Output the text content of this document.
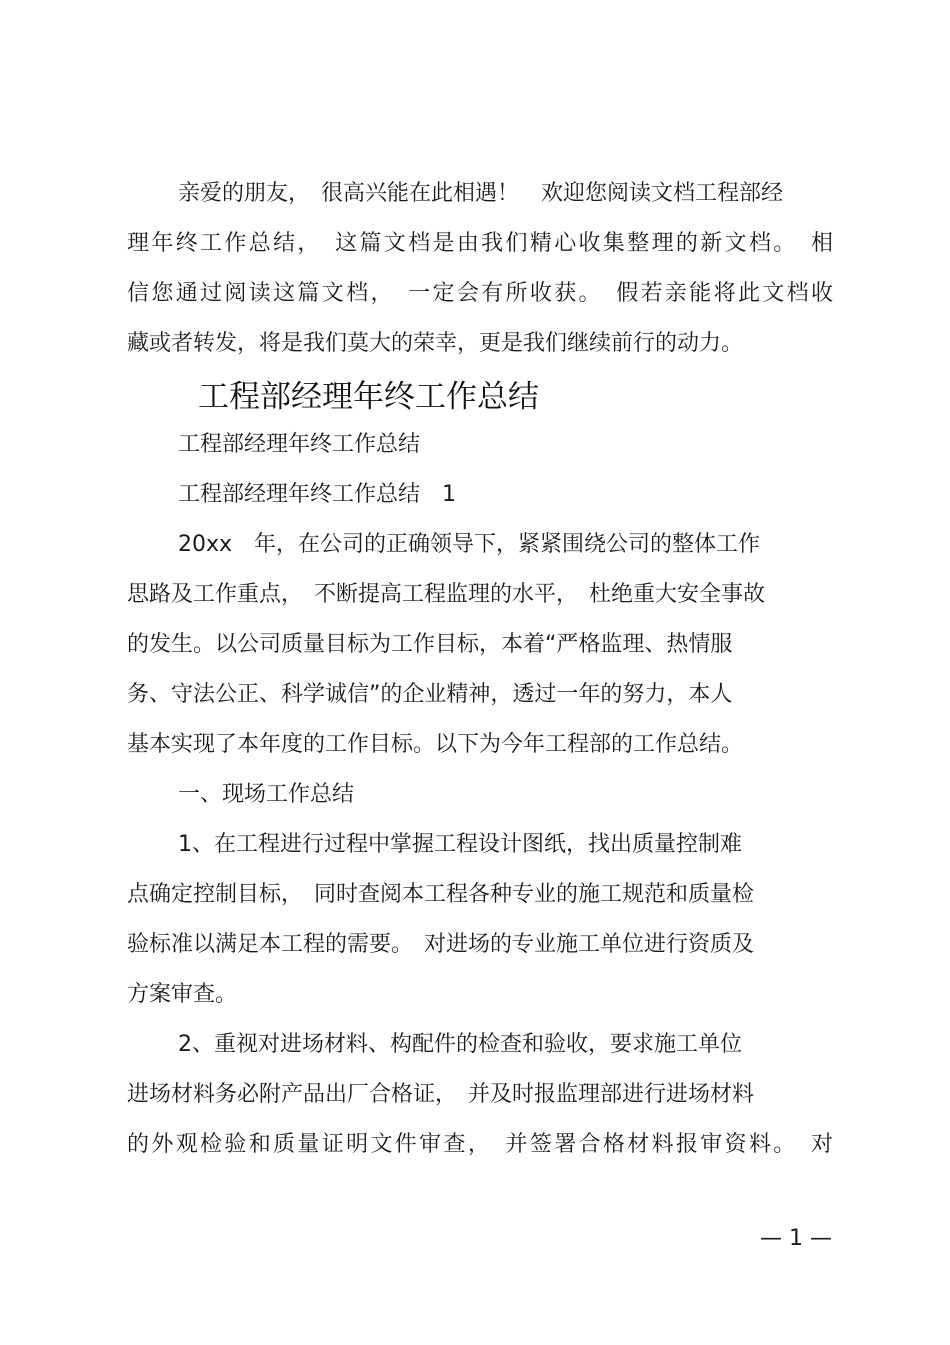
亲爱的朋友，　很高兴能在此相遇！　欢迎您阅读文档工程部经
理年终工作总结，　这篇文档是由我们精心收集整理的新文档。　相
信您通过阅读这篇文档，　一定会有所收获。　假若亲能将此文档收
藏或者转发，将是我们莫大的荣幸，更是我们继续前行的动力。
工程部经理年终工作总结
工程部经理年终工作总结
工程部经理年终工作总结　1
20xx　年，在公司的正确领导下，紧紧围绕公司的整体工作
思路及工作重点，　不断提高工程监理的水平，　杜绝重大安全事故
的发生。以公司质量目标为工作目标，本着“严格监理、热情服
务、守法公正、科学诚信”的企业精神，透过一年的努力，本人
基本实现了本年度的工作目标。以下为今年工程部的工作总结。
一、现场工作总结
1、在工程进行过程中掌握工程设计图纸，找出质量控制难
点确定控制目标，　同时查阅本工程各种专业的施工规范和质量检
验标准以满足本工程的需要。　对进场的专业施工单位进行资质及
方案审查。
2、重视对进场材料、构配件的检查和验收，要求施工单位
进场材料务必附产品出厂合格证，　并及时报监理部进行进场材料
的外观检验和质量证明文件审查，　并签署合格材料报审资料。　对
— 1 —
